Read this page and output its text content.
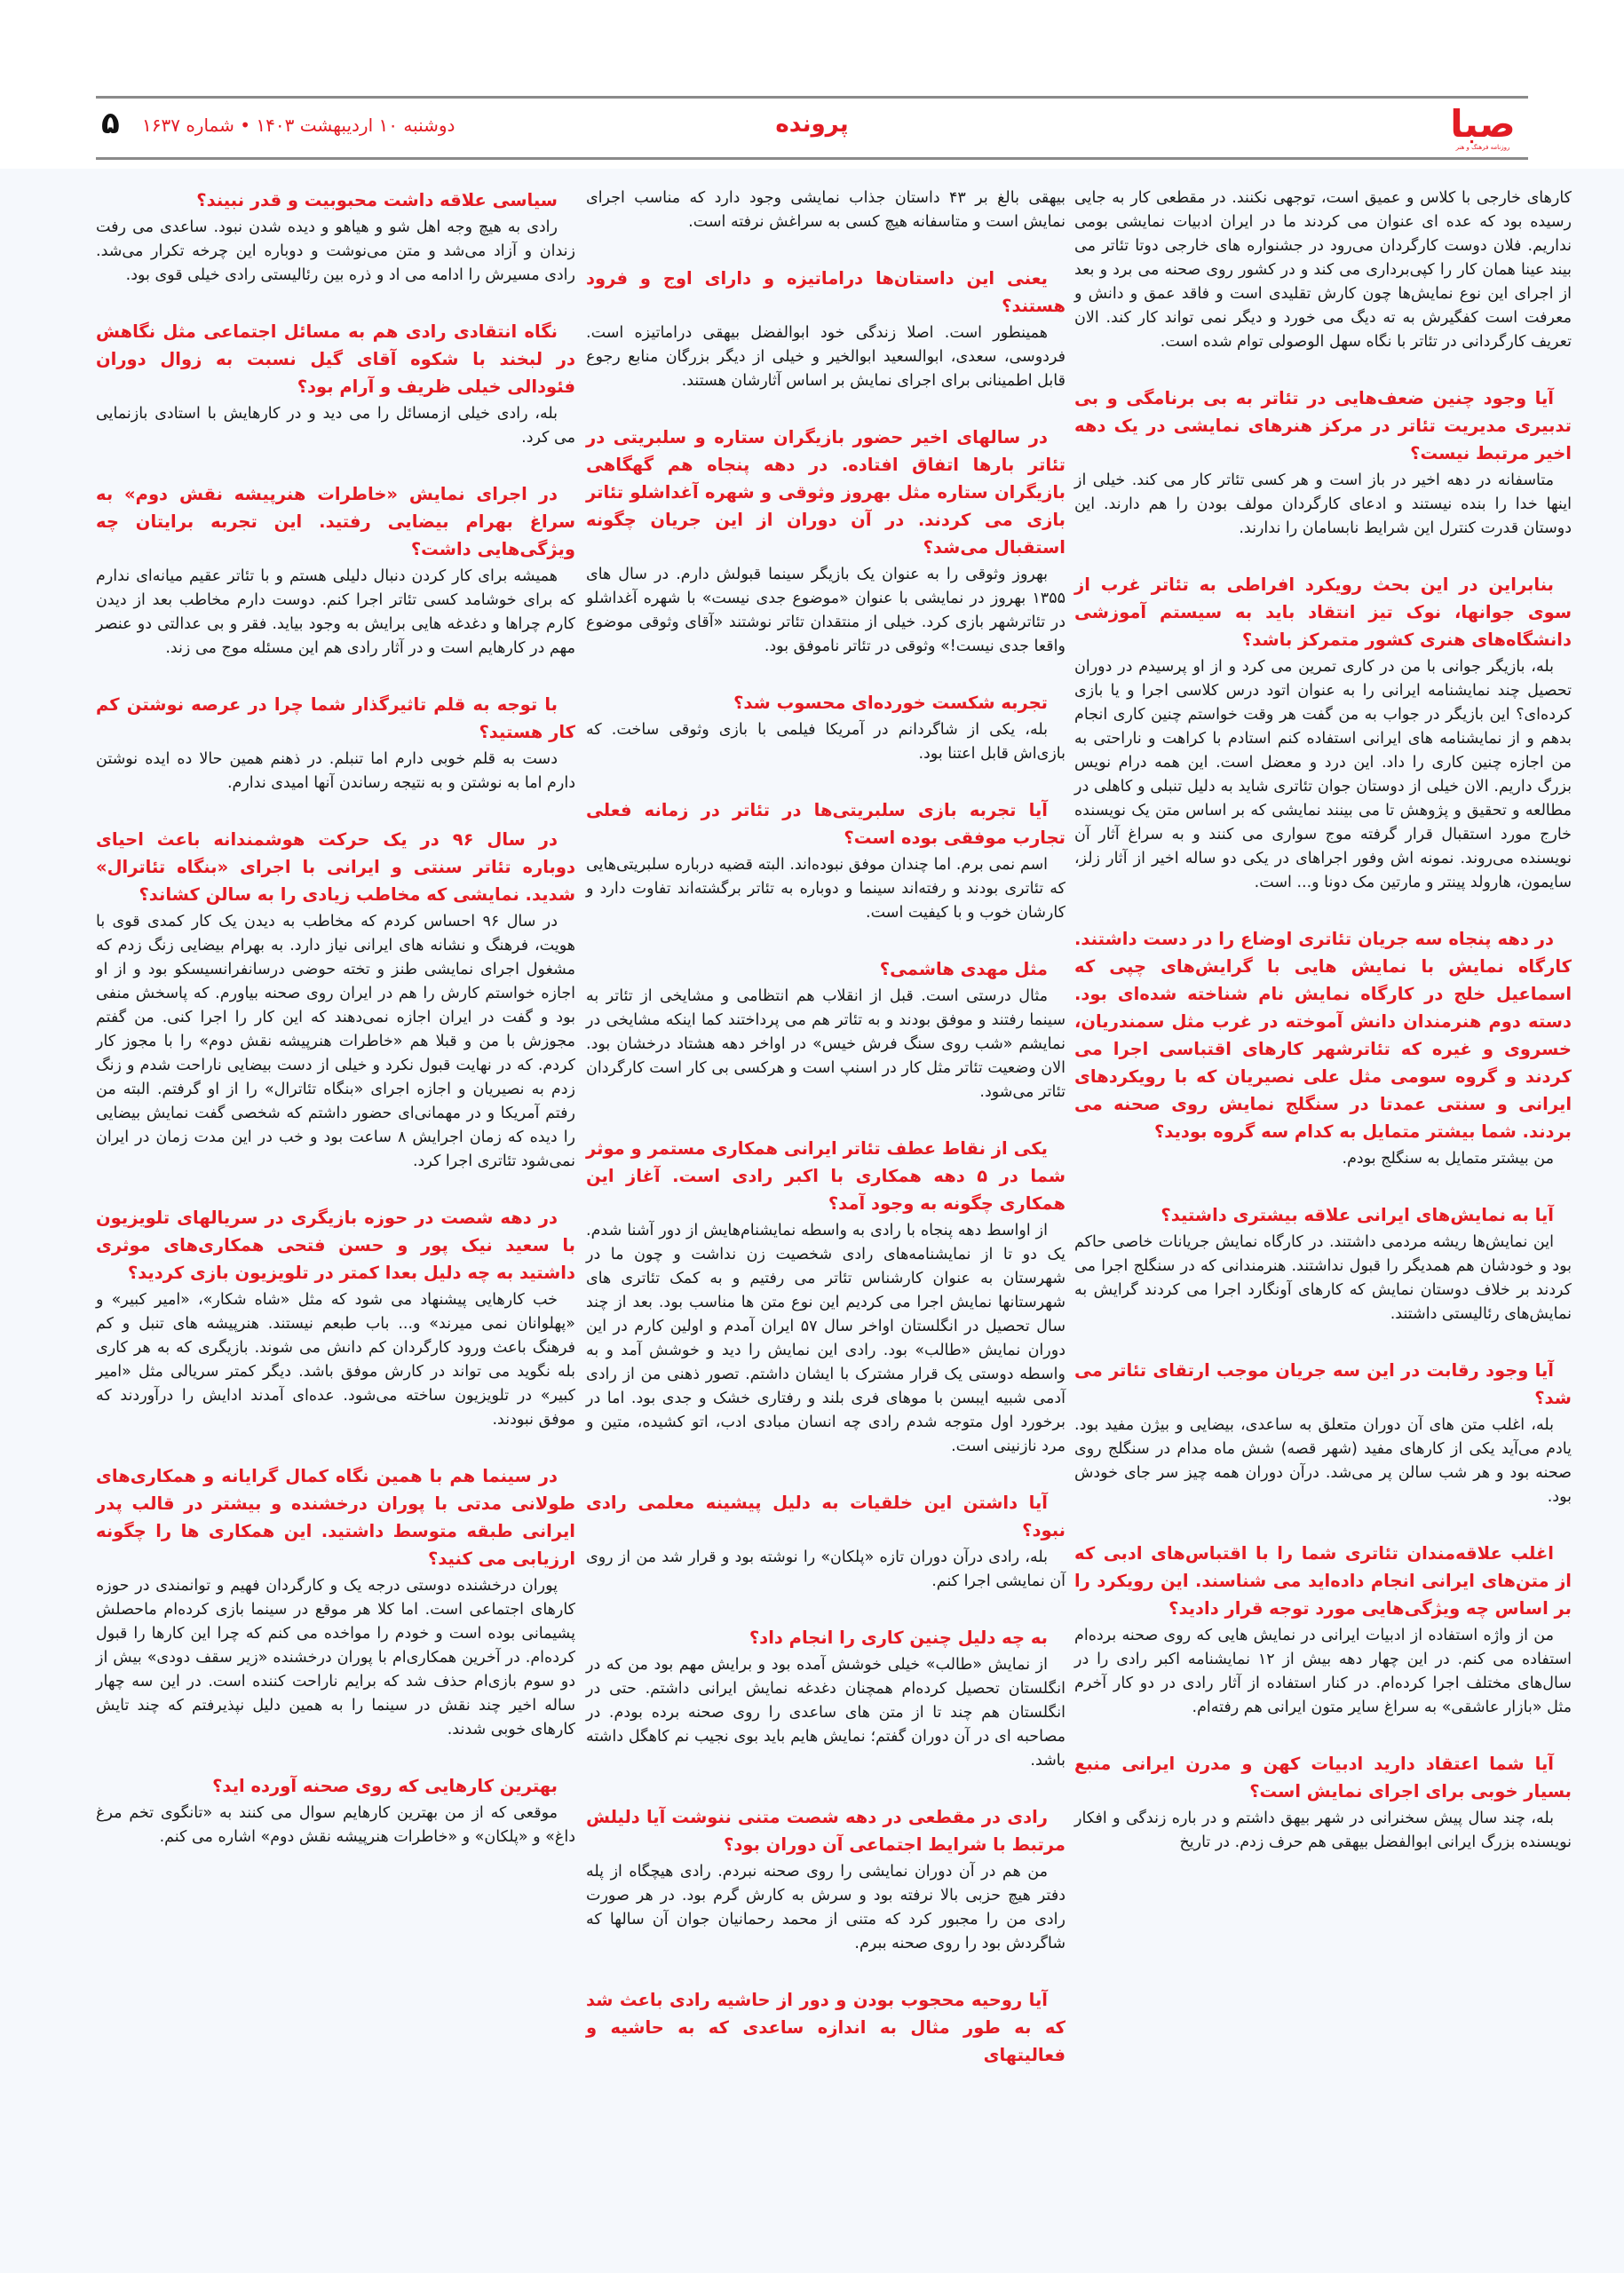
صبا
روزنامه فرهنگ و هنر
پرونده
دوشنبه ۱۰ اردیبهشت ۱۴۰۳ • شماره ۱۶۳۷
۵

کارهای خارجی با کلاس و عمیق است، توجهی نکنند. در مقطعی کار به جایی رسیده بود که عده ای عنوان می کردند ما در ایران ادبیات نمایشی بومی نداریم. فلان دوست کارگردان می‌رود در جشنواره های خارجی دوتا تئاتر می بیند عینا همان کار را کپی‌برداری می کند و در کشور روی صحنه می برد و بعد از اجرای این نوع نمایش‌ها چون کارش تقلیدی است و فاقد عمق و دانش و معرفت است کفگیرش به ته دیگ می خورد و دیگر نمی تواند کار کند. الان تعریف کارگردانی در تئاتر با نگاه سهل الوصولی توام شده است.

آیا وجود چنین ضعف‌هایی در تئاتر به بی برنامگی و بی تدبیری مدیریت تئاتر در مرکز هنرهای نمایشی در یک دهه اخیر مرتبط نیست؟

متاسفانه در دهه اخیر در باز است و هر کسی تئاتر کار می کند. خیلی از اینها خدا را بنده نیستند و ادعای کارگردان مولف بودن را هم دارند. این دوستان قدرت کنترل این شرایط نابسامان را ندارند.

بنابراین در این بحث رویکرد افراطی به تئاتر غرب از سوی جوانها، نوک تیز انتقاد باید به سیستم آموزشی دانشگاه‌های هنری کشور متمرکز باشد؟

بله، بازیگر جوانی با من در کاری تمرین می کرد و از او پرسیدم در دوران تحصیل چند نمایشنامه ایرانی را به عنوان اتود درس کلاسی اجرا و یا بازی کرده‌ای؟ این بازیگر در جواب به من گفت هر وقت خواستم چنین کاری انجام بدهم و از نمایشنامه های ایرانی استفاده کنم استادم با کراهت و ناراحتی به من اجازه چنین کاری را داد. این درد و معضل است. این همه درام نویس بزرگ داریم. الان خیلی از دوستان جوان تئاتری شاید به دلیل تنبلی و کاهلی در مطالعه و تحقیق و پژوهش تا می بینند نمایشی که بر اساس متن یک نویسنده خارج مورد استقبال قرار گرفته موج سواری می کنند و به سراغ آثار آن نویسنده می‌روند. نمونه اش وفور اجراهای در یکی دو ساله اخیر از آثار زلز، سایمون، هارولد پینتر و مارتین مک دونا و... است.

در دهه پنجاه سه جریان تئاتری اوضاع را در دست داشتند. کارگاه نمایش با نمایش هایی با گرایش‌های چپی که اسماعیل خلج در کارگاه نمایش نام شناخته شده‌ای بود. دسته دوم هنرمندان دانش آموخته در غرب مثل سمندریان، خسروی و غیره که تئاترشهر کارهای اقتباسی اجرا می کردند و گروه سومی مثل علی نصیریان که با رویکردهای ایرانی و سنتی عمدتا در سنگلج نمایش روی صحنه می بردند. شما بیشتر متمایل به کدام سه گروه بودید؟

من بیشتر متمایل به سنگلج بودم.

آیا به نمایش‌های ایرانی علاقه بیشتری داشتید؟

این نمایش‌ها ریشه مردمی داشتند. در کارگاه نمایش جریانات خاصی حاکم بود و خودشان هم همدیگر را قبول نداشتند. هنرمندانی که در سنگلج اجرا می کردند بر خلاف دوستان نمایش که کارهای آونگارد اجرا می کردند گرایش به نمایش‌های رئالیستی داشتند.

آیا وجود رقابت در این سه جریان موجب ارتقای تئاتر می شد؟

بله، اغلب متن های آن دوران متعلق به ساعدی، بیضایی و بیژن مفید بود. یادم می‌آید یکی از کارهای مفید (شهر قصه) شش ماه مدام در سنگلج روی صحنه بود و هر شب سالن پر می‌شد. درآن دوران همه چیز سر جای خودش بود.

اغلب علاقه‌مندان تئاتری شما را با اقتباس‌های ادبی که از متن‌های ایرانی انجام داده‌اید می شناسند. این رویکرد را بر اساس چه ویژگی‌هایی مورد توجه قرار دادید؟

من از واژه استفاده از ادبیات ایرانی در نمایش هایی که روی صحنه برده‌ام استفاده می کنم. در این چهار دهه بیش از ۱۲ نمایشنامه اکبر رادی را در سال‌های مختلف اجرا کرده‌ام. در کنار استفاده از آثار رادی در دو کار آخرم مثل «بازار عاشقی» به سراغ سایر متون ایرانی هم رفته‌ام.

آیا شما اعتقاد دارید ادبیات کهن و مدرن ایرانی منبع بسیار خوبی برای اجرای نمایش است؟

بله، چند سال پیش سخنرانی در شهر بیهق داشتم و در باره زندگی و افکار نویسنده بزرگ ایرانی ابوالفضل بیهقی هم حرف زدم. در تاریخ

بیهقی بالغ بر ۴۳ داستان جذاب نمایشی وجود دارد که مناسب اجرای نمایش است و متاسفانه هیچ کسی به سراغش نرفته است.

یعنی این داستان‌ها دراماتیزه و دارای اوج و فرود هستند؟

همینطور است. اصلا زندگی خود ابوالفضل بیهقی دراماتیزه است. فردوسی، سعدی، ابوالسعید ابوالخیر و خیلی از دیگر بزرگان منابع رجوع قابل اطمینانی برای اجرای نمایش بر اساس آثارشان هستند.

در سالهای اخیر حضور بازیگران ستاره و سلبریتی در تئاتر بارها اتفاق افتاده. در دهه پنجاه هم گهگاهی بازیگران ستاره مثل بهروز وثوقی و شهره آغداشلو تئاتر بازی می کردند. در آن دوران از این جریان چگونه استقبال می‌شد؟

بهروز وثوقی را به عنوان یک بازیگر سینما قبولش دارم. در سال های ۱۳۵۵ بهروز در نمایشی با عنوان «موضوع جدی نیست» با شهره آغداشلو در تئاترشهر بازی کرد. خیلی از منتقدان تئاتر نوشتند «آقای وثوقی موضوع واقعا جدی نیست!» وثوقی در تئاتر ناموفق بود.

تجربه شکست خورده‌ای محسوب شد؟

بله، یکی از شاگردانم در آمریکا فیلمی با بازی وثوقی ساخت. که بازی‌اش قابل اعتنا بود.

آیا تجربه بازی سلبریتی‌ها در تئاتر در زمانه فعلی تجارب موفقی بوده است؟

اسم نمی برم. اما چندان موفق نبوده‌اند. البته قضیه درباره سلبریتی‌هایی که تئاتری بودند و رفته‌اند سینما و دوباره به تئاتر برگشته‌اند تفاوت دارد و کارشان خوب و با کیفیت است.

مثل مهدی هاشمی؟

مثال درستی است. قبل از انقلاب هم انتظامی و مشایخی از تئاتر به سینما رفتند و موفق بودند و به تئاتر هم می پرداختند کما اینکه مشایخی در نمایشم «شب روی سنگ فرش خیس» در اواخر دهه هشتاد درخشان بود. الان وضعیت تئاتر مثل کار در اسنپ است و هرکسی بی کار است کارگردان تئاتر می‌شود.

یکی از نقاط عطف تئاتر ایرانی همکاری مستمر و موثر شما در ۵ دهه همکاری با اکبر رادی است. آغاز این همکاری چگونه به وجود آمد؟

از اواسط دهه پنجاه با رادی به واسطه نمایشنام‌هایش از دور آشنا شدم. یک دو تا از نمایشنامه‌های رادی شخصیت زن نداشت و چون ما در شهرستان به عنوان کارشناس تئاتر می رفتیم و به کمک تئاتری های شهرستانها نمایش اجرا می کردیم این نوع متن ها مناسب بود. بعد از چند سال تحصیل در انگلستان اواخر سال ۵۷ ایران آمدم و اولین کارم در این دوران نمایش «طالب» بود. رادی این نمایش را دید و خوشش آمد و به واسطه دوستی یک قرار مشترک با ایشان داشتم. تصور ذهنی من از رادی آدمی شبیه ایبسن با موهای فری بلند و رفتاری خشک و جدی بود. اما در برخورد اول متوجه شدم رادی چه انسان مبادی ادب، اتو کشیده، متین و مرد نازنینی است.

آیا داشتن این خلقیات به دلیل پیشینه معلمی رادی نبود؟

بله، رادی درآن دوران تازه «پلکان» را نوشته بود و قرار شد من از روی آن نمایشی اجرا کنم.

به چه دلیل چنین کاری را انجام داد؟

از نمایش «طالب» خیلی خوشش آمده بود و برایش مهم بود من که در انگلستان تحصیل کرده‌ام همچنان دغدغه نمایش ایرانی داشتم. حتی در انگلستان هم چند تا از متن های ساعدی را روی صحنه برده بودم. در مصاحبه ای در آن دوران گفتم؛ نمایش هایم باید بوی نجیب نم کاهگل داشته باشد.

رادی در مقطعی در دهه شصت متنی ننوشت آیا دلیلش مرتبط با شرایط اجتماعی آن دوران بود؟

من هم در آن دوران نمایشی را روی صحنه نبردم. رادی هیچگاه از پله دفتر هیچ حزبی بالا نرفته بود و سرش به کارش گرم بود. در هر صورت رادی من را مجبور کرد که متنی از محمد رحمانیان جوان آن سالها که شاگردش بود را روی صحنه ببرم.

آیا روحیه محجوب بودن و دور از حاشیه رادی باعث شد که به طور مثال به اندازه ساعدی که به حاشیه و فعالیتهای

سیاسی علاقه داشت محبوبیت و قدر نبیند؟

رادی به هیچ وجه اهل شو و هیاهو و دیده شدن نبود. ساعدی می رفت زندان و آزاد می‌شد و متن می‌نوشت و دوباره این چرخه تکرار می‌شد. رادی مسیرش را ادامه می اد و ذره بین رئالیستی رادی خیلی قوی بود.

نگاه انتقادی رادی هم به مسائل اجتماعی مثل نگاهش در لبخند با شکوه آقای گیل نسبت به زوال دوران فئودالی خیلی ظریف و آرام بود؟

بله، رادی خیلی ازمسائل را می دید و در کارهایش با استادی بازنمایی می کرد.

در اجرای نمایش «خاطرات هنرپیشه نقش دوم» به سراغ بهرام بیضایی رفتید. این تجربه برایتان چه ویژگی‌هایی داشت؟

همیشه برای کار کردن دنبال دلیلی هستم و با تئاتر عقیم میانه‌ای ندارم که برای خوشامد کسی تئاتر اجرا کنم. دوست دارم مخاطب بعد از دیدن کارم چراها و دغدغه هایی برایش به وجود بیاید. فقر و بی عدالتی دو عنصر مهم در کارهایم است و در آثار رادی هم این مسئله موج می زند.

با توجه به قلم تاثیرگذار شما چرا در عرصه نوشتن کم کار هستید؟

دست به قلم خوبی دارم اما تنبلم. در ذهنم همین حالا ده ایده نوشتن دارم اما به نوشتن و به نتیجه رساندن آنها امیدی ندارم.

در سال ۹۶ در یک حرکت هوشمندانه باعث احیای دوباره تئاتر سنتی و ایرانی با اجرای «بنگاه تئاترال» شدید. نمایشی که مخاطب زیادی را به سالن کشاند؟

در سال ۹۶ احساس کردم که مخاطب به دیدن یک کار کمدی قوی با هویت، فرهنگ و نشانه های ایرانی نیاز دارد. به بهرام بیضایی زنگ زدم که مشغول اجرای نمایشی طنز و تخته حوضی درسانفرانسیسکو بود و از او اجازه خواستم کارش را هم در ایران روی صحنه بیاورم. که پاسخش منفی بود و گفت در ایران اجازه نمی‌دهند که این کار را اجرا کنی. من گفتم مجوزش با من و قبلا هم «خاطرات هنرپیشه نقش دوم» را با مجوز کار کردم. که در نهایت قبول نکرد و خیلی از دست بیضایی ناراحت شدم و زنگ زدم به نصیریان و اجازه اجرای «بنگاه تئاترال» را از او گرفتم. البته من رفتم آمریکا و در مهمانی‌ای حضور داشتم که شخصی گفت نمایش بیضایی را دیده که زمان اجرایش ۸ ساعت بود و خب در این مدت زمان در ایران نمی‌شود تئاتری اجرا کرد.

در دهه شصت در حوزه بازیگری در سریالهای تلویزیون با سعید نیک پور و حسن فتحی همکاری‌های موثری داشتید به چه دلیل بعدا کمتر در تلویزیون بازی کردید؟

خب کارهایی پیشنهاد می شود که مثل «شاه شکار»، «امیر کبیر» و «پهلوانان نمی میرند» و... باب طبعم نیستند. هنرپیشه های تنبل و کم فرهنگ باعث ورود کارگردان کم دانش می شوند. بازیگری که به هر کاری بله نگوید می تواند در کارش موفق باشد. دیگر کمتر سریالی مثل «امیر کبیر» در تلویزیون ساخته می‌شود. عده‌ای آمدند ادایش را درآوردند که موفق نبودند.

در سینما هم با همین نگاه کمال گرایانه و همکاری‌های طولانی مدتی با پوران درخشنده و بیشتر در قالب پدر ایرانی طبقه متوسط داشتید. این همکاری ها را چگونه ارزیابی می کنید؟

پوران درخشنده دوستی درجه یک و کارگردان فهیم و توانمندی در حوزه کارهای اجتماعی است. اما کلا هر موقع در سینما بازی کرده‌ام ماحصلش پشیمانی بوده است و خودم را مواخده می کنم که چرا این کارها را قبول کرده‌ام. در آخرین همکاری‌ام با پوران درخشنده «زیر سقف دودی» بیش از دو سوم بازی‌ام حذف شد که برایم ناراحت کننده است. در این سه چهار ساله اخیر چند نقش در سینما را به همین دلیل نپذیرفتم که چند تایش کارهای خوبی شدند.

بهترین کارهایی که روی صحنه آورده اید؟

موقعی که از من بهترین کارهایم سوال می کنند به «تانگوی تخم مرغ داغ» و «پلکان» و «خاطرات هنرپیشه نقش دوم» اشاره می کنم.
